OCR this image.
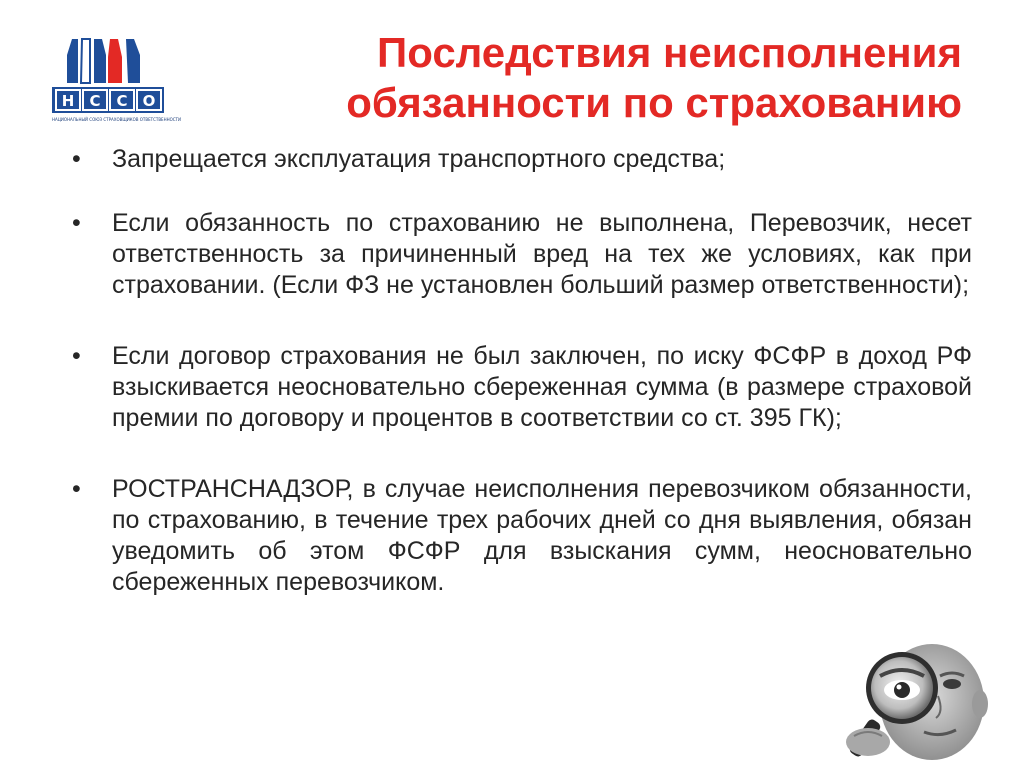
Н С С О
НАЦИОНАЛЬНЫЙ СОЮЗ СТРАХОВЩИКОВ ОТВЕТСТВЕННОСТИ
Последствия неисполнения
обязанности по страхованию
• Запрещается эксплуатация транспортного средства;
• Если обязанность по страхованию не выполнена, Перевозчик, несет ответственность за причиненный вред на тех же условиях, как при страховании. (Если ФЗ не установлен больший размер ответственности);
• Если договор страхования не был заключен, по иску ФСФР в доход РФ взыскивается неосновательно сбереженная сумма (в размере страховой премии по договору и процентов в соответствии со ст. 395 ГК);
• РОСТРАНСНАДЗОР, в случае неисполнения перевозчиком обязанности, по страхованию, в течение трех рабочих дней со дня выявления, обязан уведомить об этом ФСФР для взыскания сумм, неосновательно сбереженных перевозчиком.
